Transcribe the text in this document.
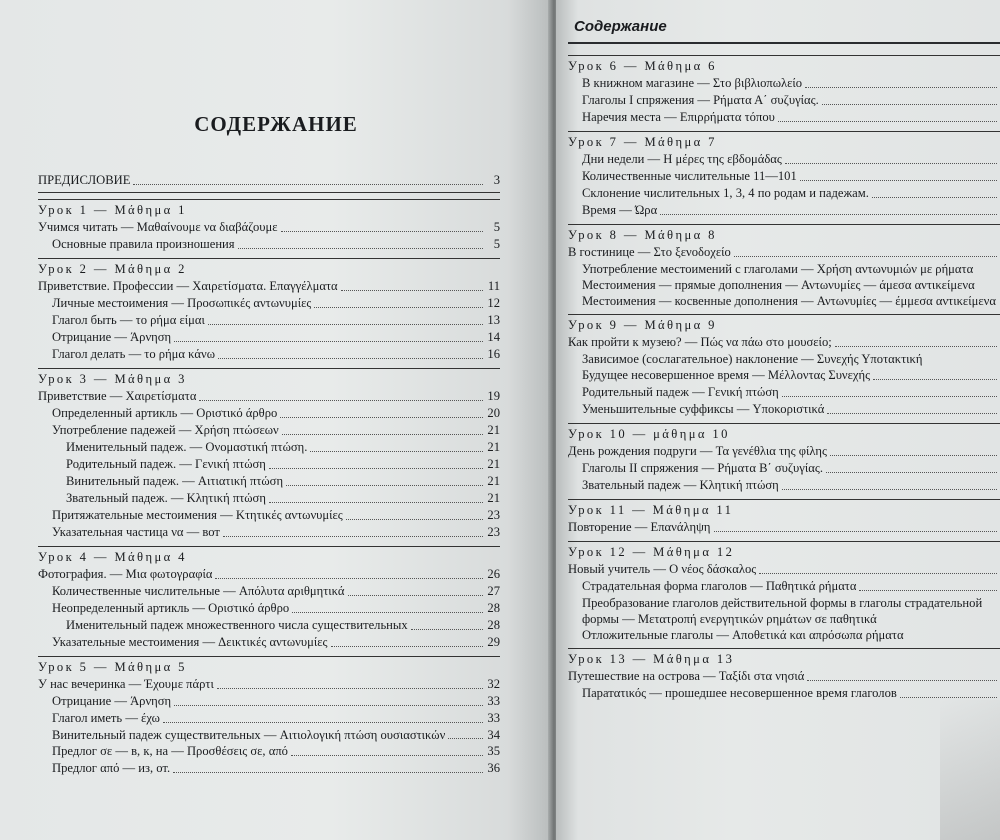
СОДЕРЖАНИЕ
ПРЕДИСЛОВИЕ	3
Урок 1 — Μάθημα 1
Учимся читать — Μαθαίνουμε να διαβάζουμε	5
Основные правила произношения	5
Урок 2 — Μάθημα 2
Приветствие. Профессии — Χαιρετίσματα. Επαγγέλματα	11
Личные местоимения — Προσωπικές αντωνυμίες	12
Глагол быть — το ρήμα είμαι	13
Отрицание — Άρνηση	14
Глагол делать — το ρήμα κάνω	16
Урок 3 — Μάθημα 3
Приветствие — Χαιρετίσματα	19
Определенный артикль — Οριστικό άρθρο	20
Употребление падежей — Χρήση πτώσεων	21
Именительный падеж. — Ονομαστική πτώση.	21
Родительный падеж. — Γενική πτώση	21
Винительный падеж. — Αιτιατική πτώση	21
Звательный падеж. — Κλητική πτώση	21
Притяжательные местоимения — Κτητικές αντωνυμίες	23
Указательная частица να — вот	23
Урок 4 — Μάθημα 4
Фотография. — Μια φωτογραφία	26
Количественные числительные — Απόλυτα αριθμητικά	27
Неопределенный артикль — Οριστικό άρθρο	28
Именительный падеж множественного числа существительных	28
Указательные местоимения — Δεικτικές αντωνυμίες	29
Урок 5 — Μάθημα 5
У нас вечеринка — Έχουμε πάρτι	32
Отрицание — Άρνηση	33
Глагол иметь — έχω	33
Винительный падеж существительных — Αιτιολογική πτώση ουσιαστικών	34
Предлог σε — в, к, на — Προσθέσεις σε, από	35
Предлог από — из, от.	36
Содержание
Урок 6 — Μάθημα 6
В книжном магазине — Στο βιβλιοπωλείο
Глаголы I спряжения — Ρήματα Α΄ συζυγίας.
Наречия места — Επιρρήματα τόπου
Урок 7 — Μάθημα 7
Дни недели — Η μέρες της εβδομάδας
Количественные числительные 11—101
Склонение числительных 1, 3, 4 по родам и падежам.
Время — Ώρα
Урок 8 — Μάθημα 8
В гостинице — Στο ξενοδοχείο
Употребление местоимений с глаголами — Χρήση αντωνυμιών με ρήματα
Местоимения — прямые дополнения — Αντωνυμίες — άμεσα αντικείμενα
Местоимения — косвенные дополнения — Αντωνυμίες — έμμεσα αντικείμενα
Урок 9 — Μάθημα 9
Как пройти к музею? — Πώς να πάω στο μουσείο;
Зависимое (сослагательное) наклонение — Συνεχής Υποτακτική
Будущее несовершенное время — Μέλλοντας Συνεχής
Родительный падеж — Γενική πτώση
Уменьшительные суффиксы — Υποκοριστικά
Урок 10 — μάθημα 10
День рождения подруги — Τα γενέθλια της φίλης
Глаголы II спряжения — Ρήματα Β΄ συζυγίας.
Звательный падеж — Κλητική πτώση
Урок 11 — Μάθημα 11
Повторение — Επανάληψη
Урок 12 — Μάθημα 12
Новый учитель — Ο νέος δάσκαλος
Страдательная форма глаголов — Παθητικά ρήματα
Преобразование глаголов действительной формы в глаголы страдательной формы — Μετατροπή ενεργητικών ρημάτων σε παθητικά
Отложительные глаголы — Αποθετικά και απρόσωπα ρήματα
Урок 13 — Μάθημα 13
Путешествие на острова — Ταξίδι στα νησιά
Паратατικός — прошедшее несовершенное время глаголов
